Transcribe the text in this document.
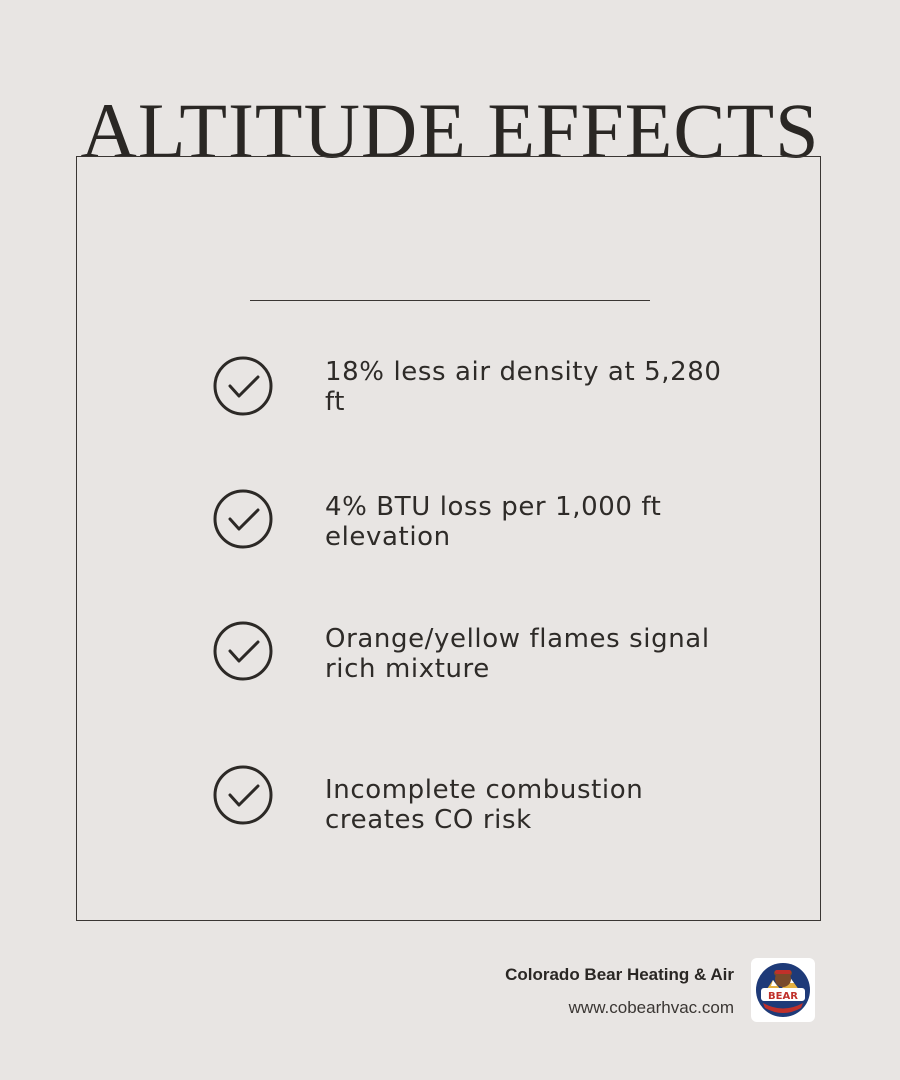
ALTITUDE EFFECTS
18% less air density at 5,280 ft
4% BTU loss per 1,000 ft elevation
Orange/yellow flames signal rich mixture
Incomplete combustion creates CO risk
Colorado Bear Heating & Air
www.cobearhvac.com
BEAR
